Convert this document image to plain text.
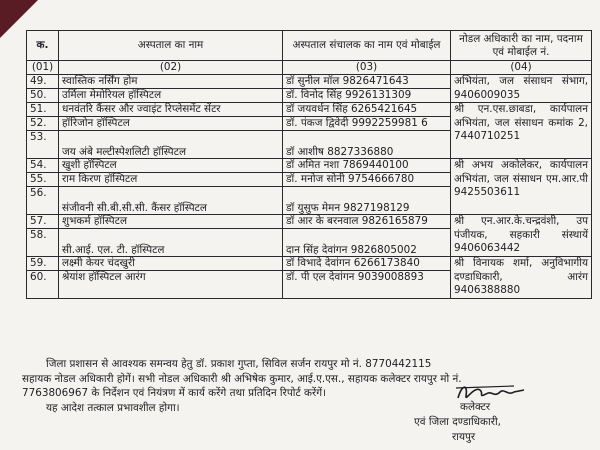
क.	अस्पताल का नाम	अस्पताल संचालक का नाम एवं मोबाईल	नोडल अधिकारी का नाम, पदनाम एवं मोबाईल नं.
(01)	(02)	(03)	(04)
49.	स्वास्तिक नर्सिंग होम	डॉ सुनील मॉल 9826471643	अभियंता, जल संसाधन संभाग, 9406009035
50.	उर्मिला मेमोरियल हॉस्पिटल	डॉ. विनोद सिंह 9926131309	
51.	धनवंतरि कैंसर और ज्वाइंट रिप्लेसमेंट सेंटर	डॉ जयवर्धन सिंह 6265421645	श्री एन.एस.छाबडा, कार्यपालन अभियंता, जल संसाधन कमांक 2, 7440710251
52.	हॉरिजोन हॉस्पिटल	डॉ. पंकज द्विवेदी 9992259981 6	
53.	जय अंबे मल्टीस्पेशलिटी हॉस्पिटल	डॉ आशीष 8827336880	
54.	खुशी हॉस्पिटल	डॉ अमित नशा 7869440100	श्री अभय अकोलेकर, कार्यपालन अभियंता, जल संसाधन एम.आर.पी 9425503611
55.	राम किरण हॉस्पिटल	डॉ. मनोज सोनी 9754666780	
56.	संजीवनी सी.बी.सी.सी. कैंसर हॉस्पिटल	डॉ युसुफ मेमन 9827198129	
57.	शुभकर्म हॉस्पिटल	डॉ आर के बरनवाल 9826165879	श्री एन.आर.के.चन्द्रवंशी, उप पंजीयक, सहकारी संस्थायें 9406063442
58.	सी.आई. एल. टी. हॉस्पिटल	दान सिंह देवांगन 9826805002	
59.	लक्ष्मी केयर चंदखुरी	डॉ विभादे देवांगन 6266173840	श्री विनायक शर्मा, अनुविभागीय दण्डाधिकारी, आरंग 9406388880
60.	श्रेयांश हॉस्पिटल आरंग	डॉ. पी एल देवांगन 9039008893	

जिला प्रशासन से आवश्यक समन्वय हेतु डॉ. प्रकाश गुप्ता, सिविल सर्जन रायपुर मो नं. 8770442115

सहायक नोडल अधिकारी होगें। सभी नोडल अधिकारी श्री अभिषेक कुमार, आई.ए.एस., सहायक कलेक्टर रायपुर मो नं.

7763806967 के निर्देशन एवं नियंत्रण में कार्य करेंगे तथा प्रतिदिन रिपोर्ट करेंगें।

यह आदेश तत्काल प्रभावशील होगा।	कलेक्टर
एवं जिला दण्डाधिकारी,
रायपुर
